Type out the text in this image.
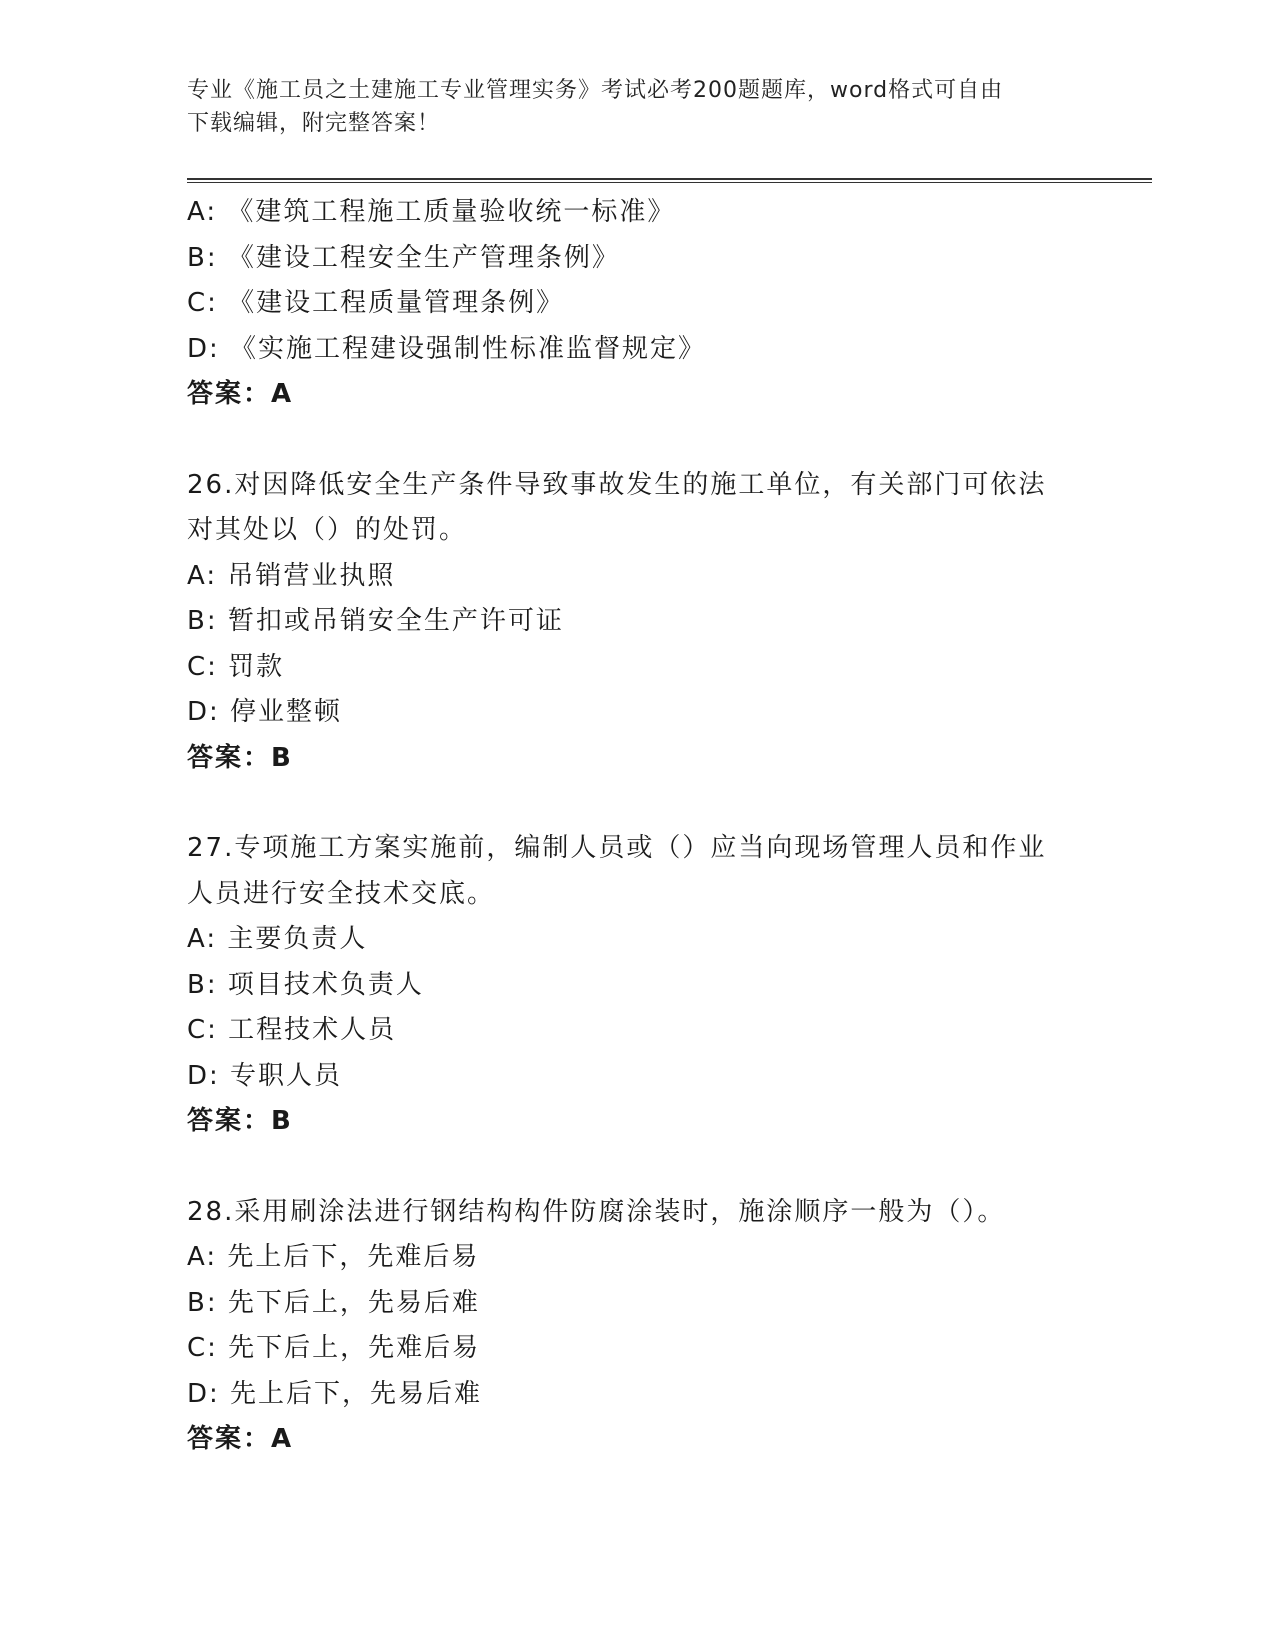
专业《施工员之土建施工专业管理实务》考试必考200题题库，word格式可自由
下载编辑，附完整答案！
A: 《建筑工程施工质量验收统一标准》
B: 《建设工程安全生产管理条例》
C: 《建设工程质量管理条例》
D: 《实施工程建设强制性标准监督规定》
答案：A
26.对因降低安全生产条件导致事故发生的施工单位，有关部门可依法
对其处以（）的处罚。
A: 吊销营业执照
B: 暂扣或吊销安全生产许可证
C: 罚款
D: 停业整顿
答案：B
27.专项施工方案实施前，编制人员或（）应当向现场管理人员和作业
人员进行安全技术交底。
A: 主要负责人
B: 项目技术负责人
C: 工程技术人员
D: 专职人员
答案：B
28.采用刷涂法进行钢结构构件防腐涂装时，施涂顺序一般为（）。
A: 先上后下，先难后易
B: 先下后上，先易后难
C: 先下后上，先难后易
D: 先上后下，先易后难
答案：A
